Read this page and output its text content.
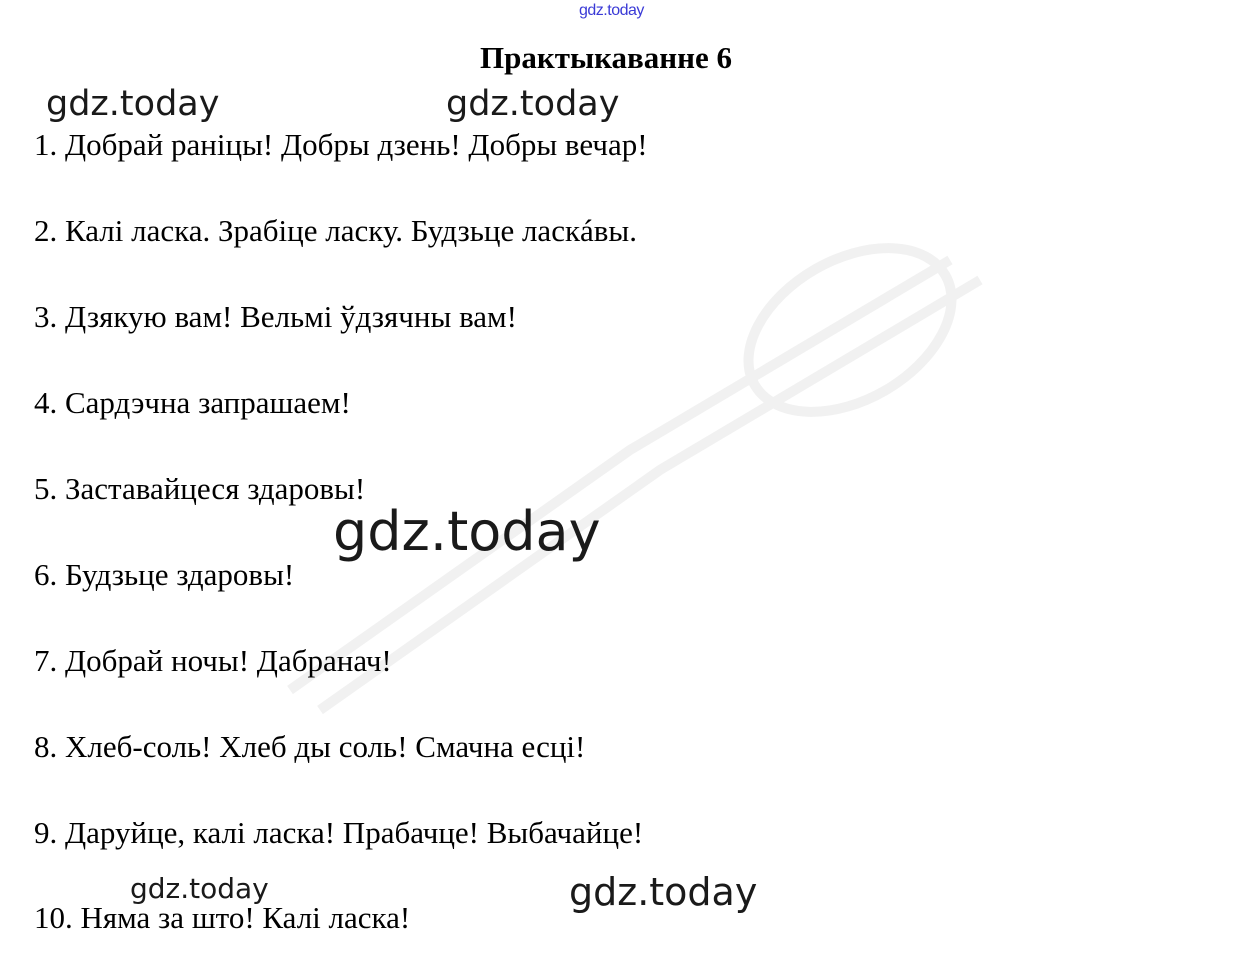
gdz.today
Практыкаванне 6
1. Добрай раніцы! Добры дзень! Добры вечар!
2. Калі ласка. Зрабіце ласку. Будзьце ласкáвы.
3. Дзякую вам! Вельмі ўдзячны вам!
4. Сардэчна запрашаем!
5. Заставайцеся здаровы!
6. Будзьце здаровы!
7. Добрай ночы! Дабранач!
8. Хлеб-соль! Хлеб ды соль! Смачна есці!
9. Даруйце, калі ласка! Прабачце! Выбачайце!
10. Няма за што! Калі ласка!
gdz.today	gdz.today
gdz.today
gdz.today	gdz.today
